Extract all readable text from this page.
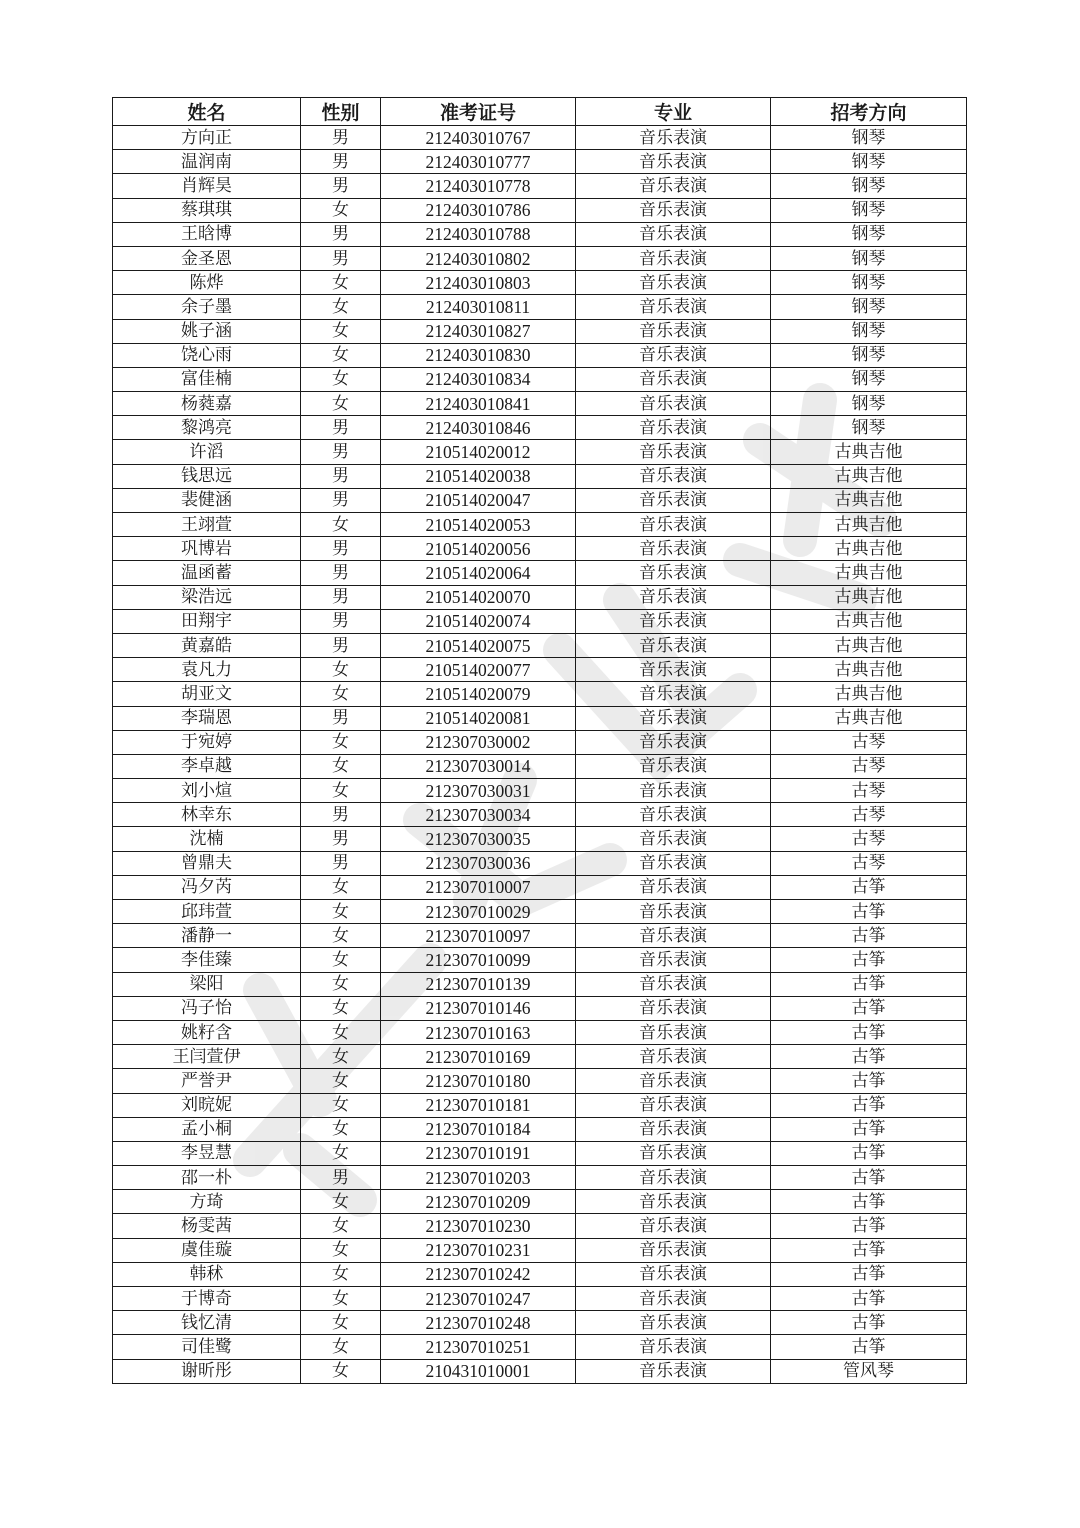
姓名	性别	准考证号	专业	招考方向
方向正	男	212403010767	音乐表演	钢琴
温润南	男	212403010777	音乐表演	钢琴
肖辉昊	男	212403010778	音乐表演	钢琴
蔡琪琪	女	212403010786	音乐表演	钢琴
王晗博	男	212403010788	音乐表演	钢琴
金圣恩	男	212403010802	音乐表演	钢琴
陈烨	女	212403010803	音乐表演	钢琴
余子墨	女	212403010811	音乐表演	钢琴
姚子涵	女	212403010827	音乐表演	钢琴
饶心雨	女	212403010830	音乐表演	钢琴
富佳楠	女	212403010834	音乐表演	钢琴
杨蕤嘉	女	212403010841	音乐表演	钢琴
黎鸿亮	男	212403010846	音乐表演	钢琴
许滔	男	210514020012	音乐表演	古典吉他
钱思远	男	210514020038	音乐表演	古典吉他
裴健涵	男	210514020047	音乐表演	古典吉他
王翊萱	女	210514020053	音乐表演	古典吉他
巩博岩	男	210514020056	音乐表演	古典吉他
温函蓄	男	210514020064	音乐表演	古典吉他
梁浩远	男	210514020070	音乐表演	古典吉他
田翔宇	男	210514020074	音乐表演	古典吉他
黄嘉皓	男	210514020075	音乐表演	古典吉他
袁凡力	女	210514020077	音乐表演	古典吉他
胡亚文	女	210514020079	音乐表演	古典吉他
李瑞恩	男	210514020081	音乐表演	古典吉他
于宛婷	女	212307030002	音乐表演	古琴
李卓越	女	212307030014	音乐表演	古琴
刘小煊	女	212307030031	音乐表演	古琴
林幸东	男	212307030034	音乐表演	古琴
沈楠	男	212307030035	音乐表演	古琴
曾鼎夫	男	212307030036	音乐表演	古琴
冯夕芮	女	212307010007	音乐表演	古筝
邱玮萱	女	212307010029	音乐表演	古筝
潘静一	女	212307010097	音乐表演	古筝
李佳臻	女	212307010099	音乐表演	古筝
梁阳	女	212307010139	音乐表演	古筝
冯子怡	女	212307010146	音乐表演	古筝
姚籽含	女	212307010163	音乐表演	古筝
王闫萱伊	女	212307010169	音乐表演	古筝
严誉尹	女	212307010180	音乐表演	古筝
刘晥妮	女	212307010181	音乐表演	古筝
孟小桐	女	212307010184	音乐表演	古筝
李昱慧	女	212307010191	音乐表演	古筝
邵一朴	男	212307010203	音乐表演	古筝
方琦	女	212307010209	音乐表演	古筝
杨雯茜	女	212307010230	音乐表演	古筝
虞佳璇	女	212307010231	音乐表演	古筝
韩秫	女	212307010242	音乐表演	古筝
于博奇	女	212307010247	音乐表演	古筝
钱忆清	女	212307010248	音乐表演	古筝
司佳鹭	女	212307010251	音乐表演	古筝
谢昕彤	女	210431010001	音乐表演	管风琴
